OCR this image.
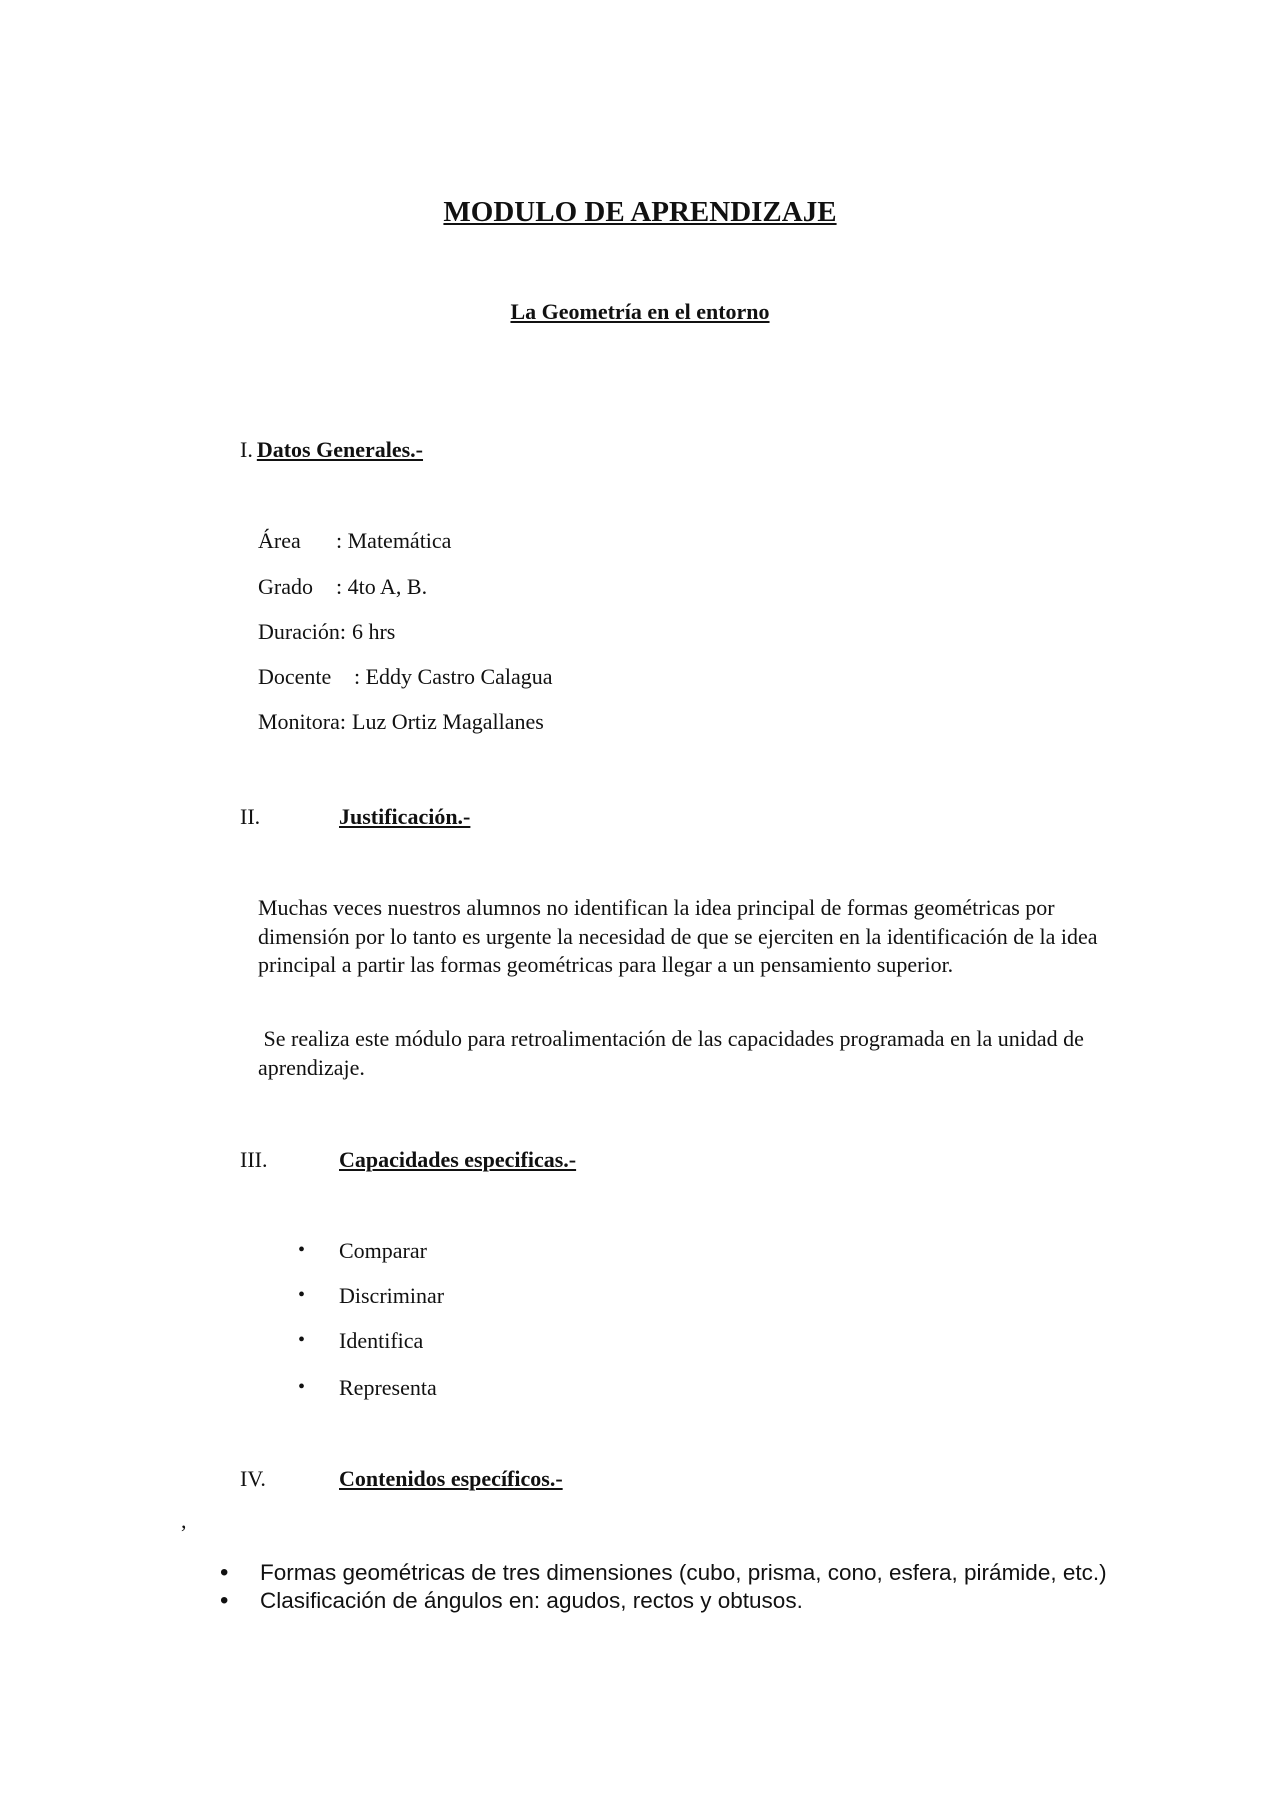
MODULO DE APRENDIZAJE
La Geometría en el entorno
I. Datos Generales.-
Área : Matemática
Grado : 4to A, B.
Duración: 6 hrs
Docente : Eddy Castro Calagua
Monitora: Luz Ortiz Magallanes
II.	Justificación.-
Muchas veces nuestros alumnos no identifican la idea principal de formas geométricas por dimensión por lo tanto es urgente la necesidad de que se ejerciten en la identificación de la idea principal a partir las formas geométricas para llegar a un pensamiento superior.
Se realiza este módulo para retroalimentación de las capacidades programada en la unidad de aprendizaje.
III.	Capacidades especificas.-
• Comparar
• Discriminar
• Identifica
• Representa
IV.	Contenidos específicos.-
,
• Formas geométricas de tres dimensiones (cubo, prisma, cono, esfera, pirámide, etc.)
• Clasificación de ángulos en: agudos, rectos y obtusos.
